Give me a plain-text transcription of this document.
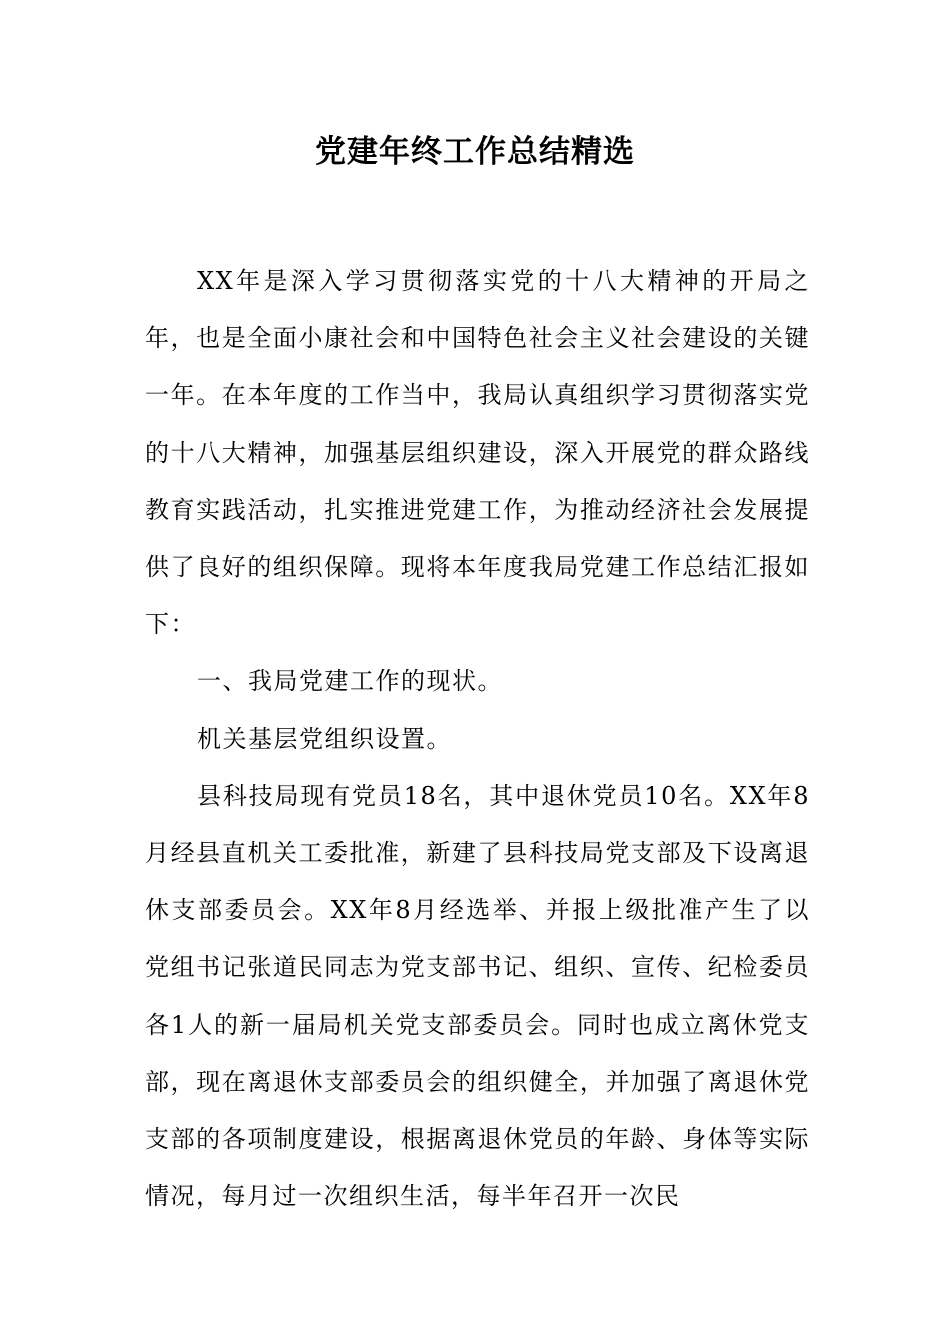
党建年终工作总结精选

XX年是深入学习贯彻落实党的十八大精神的开局之年，也是全面小康社会和中国特色社会主义社会建设的关键一年。在本年度的工作当中，我局认真组织学习贯彻落实党的十八大精神，加强基层组织建设，深入开展党的群众路线教育实践活动，扎实推进党建工作，为推动经济社会发展提供了良好的组织保障。现将本年度我局党建工作总结汇报如下：

一、我局党建工作的现状。

机关基层党组织设置。

县科技局现有党员18名，其中退休党员10名。XX年8月经县直机关工委批准，新建了县科技局党支部及下设离退休支部委员会。XX年8月经选举、并报上级批准产生了以党组书记张道民同志为党支部书记、组织、宣传、纪检委员各1人的新一届局机关党支部委员会。同时也成立离休党支部，现在离退休支部委员会的组织健全，并加强了离退休党支部的各项制度建设，根据离退休党员的年龄、身体等实际情况，每月过一次组织生活，每半年召开一次民
